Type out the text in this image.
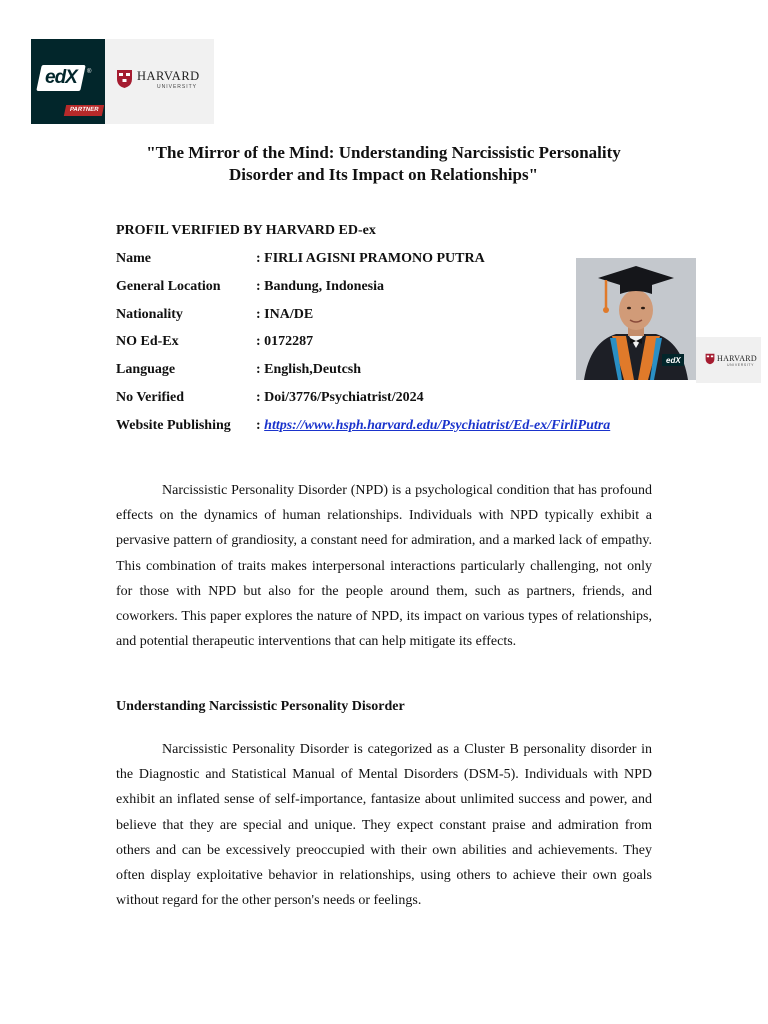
edX ®
PARTNER
HARVARD
UNIVERSITY
"The Mirror of the Mind: Understanding Narcissistic Personality Disorder and Its Impact on Relationships"
PROFIL VERIFIED BY HARVARD ED-ex
Name	: FIRLI AGISNI PRAMONO PUTRA
General Location	: Bandung, Indonesia
Nationality	: INA/DE
NO Ed-Ex	: 0172287
Language	: English,Deutcsh
No Verified	: Doi/3776/Psychiatrist/2024
Website Publishing	: https://www.hsph.harvard.edu/Psychiatrist/Ed-ex/FirliPutra
edX	HARVARD
UNIVERSITY

Narcissistic Personality Disorder (NPD) is a psychological condition that has profound effects on the dynamics of human relationships. Individuals with NPD typically exhibit a pervasive pattern of grandiosity, a constant need for admiration, and a marked lack of empathy. This combination of traits makes interpersonal interactions particularly challenging, not only for those with NPD but also for the people around them, such as partners, friends, and coworkers. This paper explores the nature of NPD, its impact on various types of relationships, and potential therapeutic interventions that can help mitigate its effects.

Understanding Narcissistic Personality Disorder

Narcissistic Personality Disorder is categorized as a Cluster B personality disorder in the Diagnostic and Statistical Manual of Mental Disorders (DSM-5). Individuals with NPD exhibit an inflated sense of self-importance, fantasize about unlimited success and power, and believe that they are special and unique. They expect constant praise and admiration from others and can be excessively preoccupied with their own abilities and achievements. They often display exploitative behavior in relationships, using others to achieve their own goals without regard for the other person's needs or feelings.
